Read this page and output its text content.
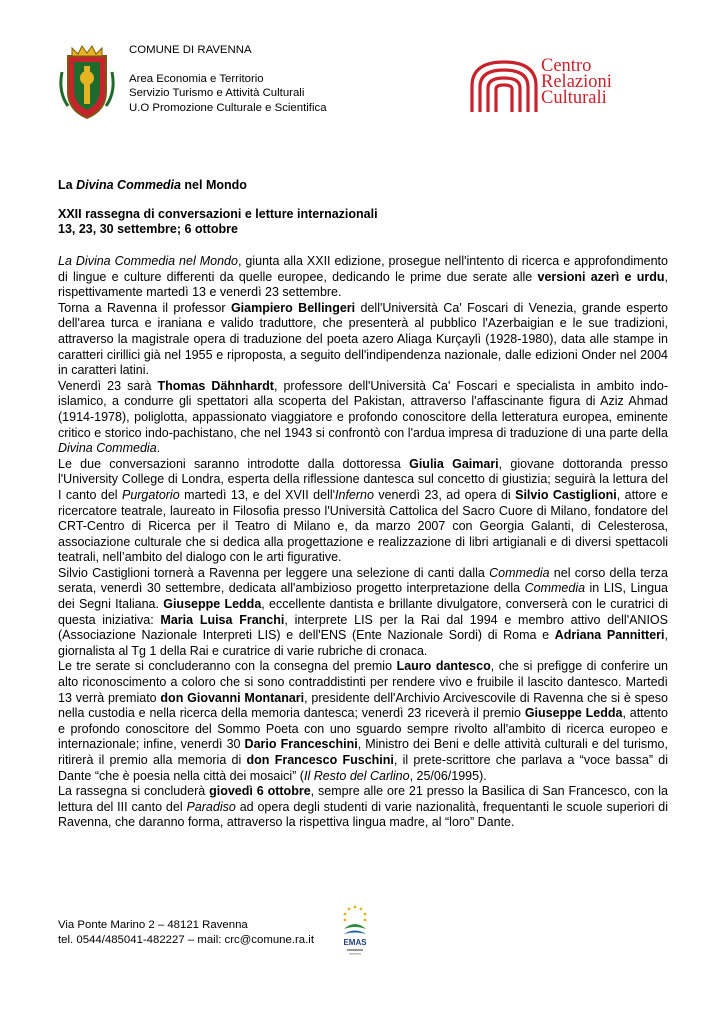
COMUNE DI RAVENNA
Area Economia e Territorio
Servizio Turismo e Attività Culturali
U.O Promozione Culturale e Scientifica
Centro
Relazioni
Culturali
La Divina Commedia nel Mondo
XXII rassegna di conversazioni e letture internazionali
13, 23, 30 settembre; 6 ottobre

La Divina Commedia nel Mondo, giunta alla XXII edizione, prosegue nell'intento di ricerca e approfondimento di lingue e culture differenti da quelle europee, dedicando le prime due serate alle versioni azerì e urdu, rispettivamente martedì 13 e venerdì 23 settembre.

Torna a Ravenna il professor Giampiero Bellingeri dell'Università Ca' Foscari di Venezia, grande esperto dell'area turca e iraniana e valido traduttore, che presenterà al pubblico l'Azerbaigian e le sue tradizioni, attraverso la magistrale opera di traduzione del poeta azero Aliaga Kurçaylì (1928-1980), data alle stampe in caratteri cirillici già nel 1955 e riproposta, a seguito dell'indipendenza nazionale, dalle edizioni Onder nel 2004 in caratteri latini.

Venerdì 23 sarà Thomas Dähnhardt, professore dell'Università Ca' Foscari e specialista in ambito indo-islamico, a condurre gli spettatori alla scoperta del Pakistan, attraverso l'affascinante figura di Aziz Ahmad (1914-1978), poliglotta, appassionato viaggiatore e profondo conoscitore della letteratura europea, eminente critico e storico indo-pachistano, che nel 1943 si confrontò con l'ardua impresa di traduzione di una parte della Divina Commedia.

Le due conversazioni saranno introdotte dalla dottoressa Giulia Gaimari, giovane dottoranda presso l'University College di Londra, esperta della riflessione dantesca sul concetto di giustizia; seguirà la lettura del I canto del Purgatorio martedì 13, e del XVII dell'Inferno venerdì 23, ad opera di Silvio Castiglioni, attore e ricercatore teatrale, laureato in Filosofia presso l'Università Cattolica del Sacro Cuore di Milano, fondatore del CRT-Centro di Ricerca per il Teatro di Milano e, da marzo 2007 con Georgia Galanti, di Celesterosa, associazione culturale che si dedica alla progettazione e realizzazione di libri artigianali e di diversi spettacoli teatrali, nell’ambito del dialogo con le arti figurative.

Silvio Castiglioni tornerà a Ravenna per leggere una selezione di canti dalla Commedia nel corso della terza serata, venerdì 30 settembre, dedicata all'ambizioso progetto interpretazione della Commedia in LIS, Lingua dei Segni Italiana. Giuseppe Ledda, eccellente dantista e brillante divulgatore, converserà con le curatrici di questa iniziativa: Maria Luisa Franchi, interprete LIS per la Rai dal 1994 e membro attivo dell'ANIOS (Associazione Nazionale Interpreti LIS) e dell'ENS (Ente Nazionale Sordi) di Roma e Adriana Pannitteri, giornalista al Tg 1 della Rai e curatrice di varie rubriche di cronaca.

Le tre serate si concluderanno con la consegna del premio Lauro dantesco, che si prefigge di conferire un alto riconoscimento a coloro che si sono contraddistinti per rendere vivo e fruibile il lascito dantesco. Martedì 13 verrà premiato don Giovanni Montanari, presidente dell'Archivio Arcivescovile di Ravenna che si è speso nella custodia e nella ricerca della memoria dantesca; venerdì 23 riceverà il premio Giuseppe Ledda, attento e profondo conoscitore del Sommo Poeta con uno sguardo sempre rivolto all'ambito di ricerca europeo e internazionale; infine, venerdì 30 Dario Franceschini, Ministro dei Beni e delle attività culturali e del turismo, ritirerà il premio alla memoria di don Francesco Fuschini, il prete-scrittore che parlava a “voce bassa” di Dante “che è poesia nella città dei mosaici” (Il Resto del Carlino, 25/06/1995).

La rassegna si concluderà giovedì 6 ottobre, sempre alle ore 21 presso la Basilica di San Francesco, con la lettura del III canto del Paradiso ad opera degli studenti di varie nazionalità, frequentanti le scuole superiori di Ravenna, che daranno forma, attraverso la rispettiva lingua madre, al “loro” Dante.

Via Ponte Marino 2 – 48121 Ravenna
tel. 0544/485041-482227 – mail: crc@comune.ra.it	EMAS
